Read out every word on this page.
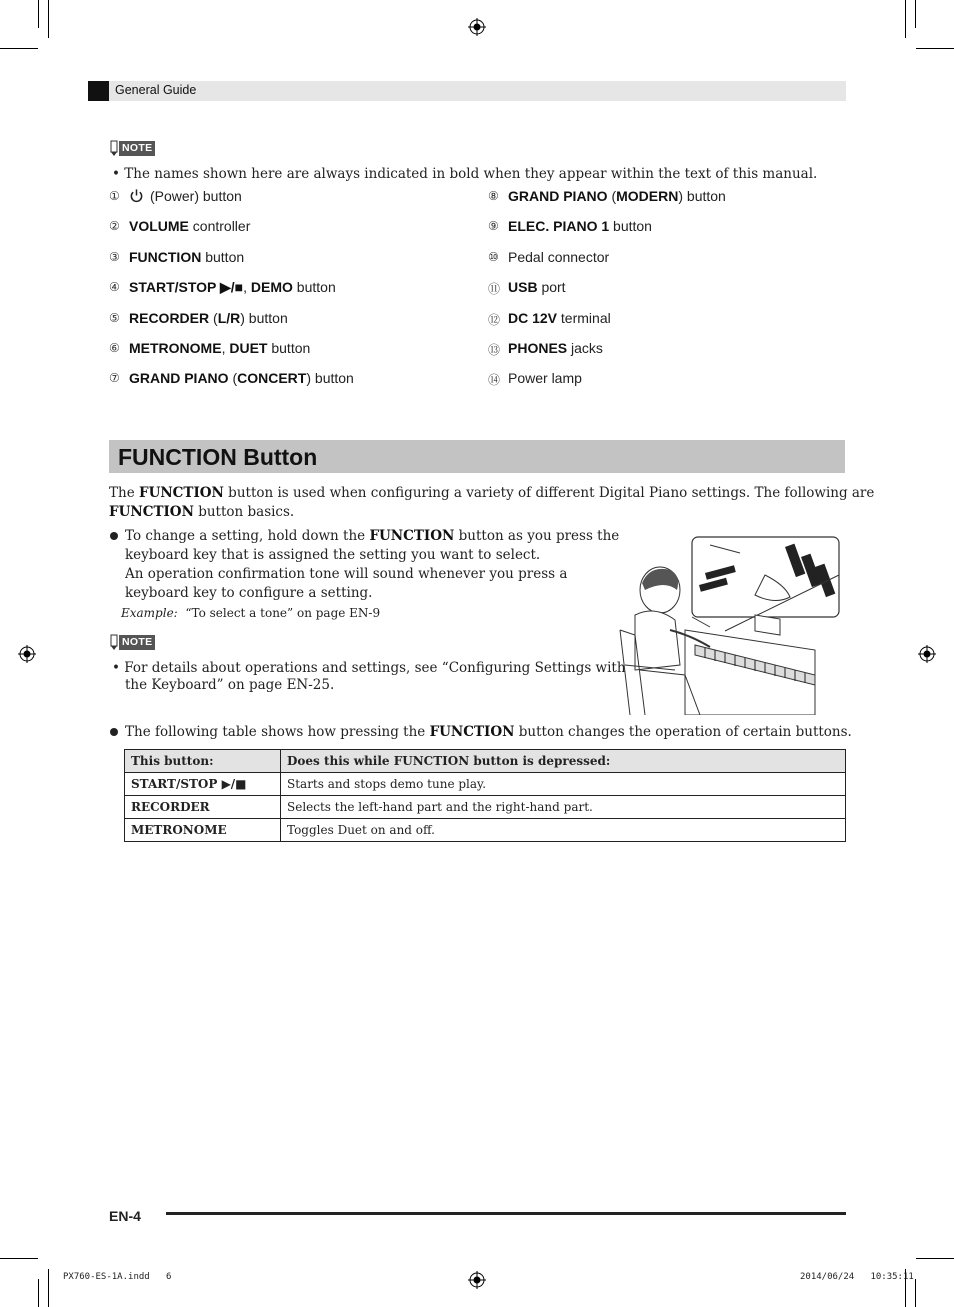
General Guide
NOTE
• The names shown here are always indicated in bold when they appear within the text of this manual.
①	(Power) button
② VOLUME controller
③ FUNCTION button
④ START/STOP ▶/■, DEMO button
⑤ RECORDER (L/R) button
⑥ METRONOME, DUET button
⑦ GRAND PIANO (CONCERT) button
⑧ GRAND PIANO (MODERN) button
⑨ ELEC. PIANO 1 button
⑩ Pedal connector
⑪ USB port
⑫ DC 12V terminal
⑬ PHONES jacks
⑭ Power lamp
FUNCTION Button
The FUNCTION button is used when configuring a variety of different Digital Piano settings. The following are
FUNCTION button basics.
To change a setting, hold down the FUNCTION button as you press the
keyboard key that is assigned the setting you want to select.
An operation confirmation tone will sound whenever you press a
keyboard key to configure a setting.
Example: “To select a tone” on page EN-9
NOTE
• For details about operations and settings, see “Configuring Settings with
the Keyboard” on page EN-25.
The following table shows how pressing the FUNCTION button changes the operation of certain buttons.
This button:	Does this while FUNCTION button is depressed:
START/STOP ▶/■	Starts and stops demo tune play.
RECORDER	Selects the left-hand part and the right-hand part.
METRONOME	Toggles Duet on and off.
EN-4
PX760-ES-1A.indd   6	2014/06/24   10:35:11
